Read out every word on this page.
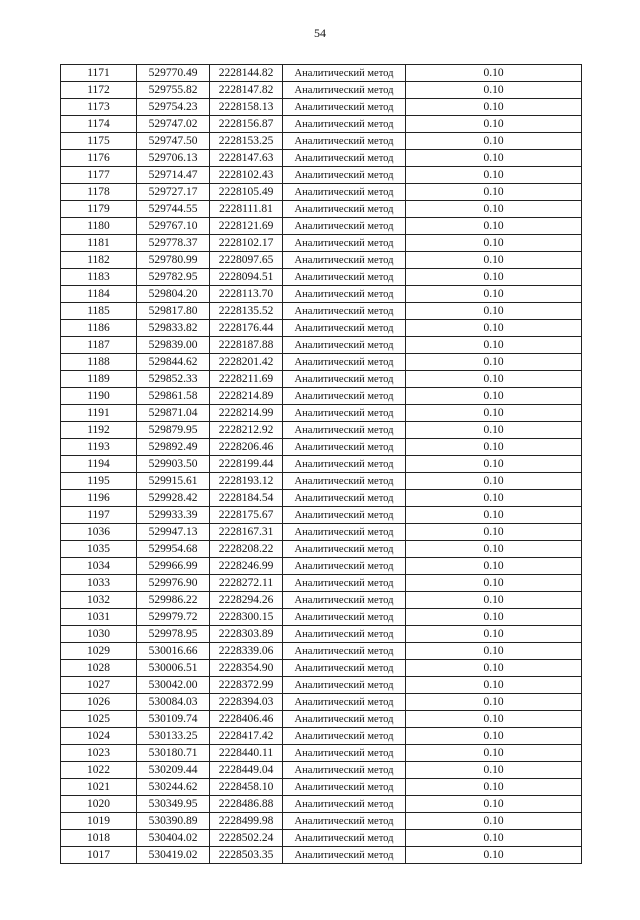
54
1171	529770.49	2228144.82	Аналитический метод	0.10
1172	529755.82	2228147.82	Аналитический метод	0.10
1173	529754.23	2228158.13	Аналитический метод	0.10
1174	529747.02	2228156.87	Аналитический метод	0.10
1175	529747.50	2228153.25	Аналитический метод	0.10
1176	529706.13	2228147.63	Аналитический метод	0.10
1177	529714.47	2228102.43	Аналитический метод	0.10
1178	529727.17	2228105.49	Аналитический метод	0.10
1179	529744.55	2228111.81	Аналитический метод	0.10
1180	529767.10	2228121.69	Аналитический метод	0.10
1181	529778.37	2228102.17	Аналитический метод	0.10
1182	529780.99	2228097.65	Аналитический метод	0.10
1183	529782.95	2228094.51	Аналитический метод	0.10
1184	529804.20	2228113.70	Аналитический метод	0.10
1185	529817.80	2228135.52	Аналитический метод	0.10
1186	529833.82	2228176.44	Аналитический метод	0.10
1187	529839.00	2228187.88	Аналитический метод	0.10
1188	529844.62	2228201.42	Аналитический метод	0.10
1189	529852.33	2228211.69	Аналитический метод	0.10
1190	529861.58	2228214.89	Аналитический метод	0.10
1191	529871.04	2228214.99	Аналитический метод	0.10
1192	529879.95	2228212.92	Аналитический метод	0.10
1193	529892.49	2228206.46	Аналитический метод	0.10
1194	529903.50	2228199.44	Аналитический метод	0.10
1195	529915.61	2228193.12	Аналитический метод	0.10
1196	529928.42	2228184.54	Аналитический метод	0.10
1197	529933.39	2228175.67	Аналитический метод	0.10
1036	529947.13	2228167.31	Аналитический метод	0.10
1035	529954.68	2228208.22	Аналитический метод	0.10
1034	529966.99	2228246.99	Аналитический метод	0.10
1033	529976.90	2228272.11	Аналитический метод	0.10
1032	529986.22	2228294.26	Аналитический метод	0.10
1031	529979.72	2228300.15	Аналитический метод	0.10
1030	529978.95	2228303.89	Аналитический метод	0.10
1029	530016.66	2228339.06	Аналитический метод	0.10
1028	530006.51	2228354.90	Аналитический метод	0.10
1027	530042.00	2228372.99	Аналитический метод	0.10
1026	530084.03	2228394.03	Аналитический метод	0.10
1025	530109.74	2228406.46	Аналитический метод	0.10
1024	530133.25	2228417.42	Аналитический метод	0.10
1023	530180.71	2228440.11	Аналитический метод	0.10
1022	530209.44	2228449.04	Аналитический метод	0.10
1021	530244.62	2228458.10	Аналитический метод	0.10
1020	530349.95	2228486.88	Аналитический метод	0.10
1019	530390.89	2228499.98	Аналитический метод	0.10
1018	530404.02	2228502.24	Аналитический метод	0.10
1017	530419.02	2228503.35	Аналитический метод	0.10
